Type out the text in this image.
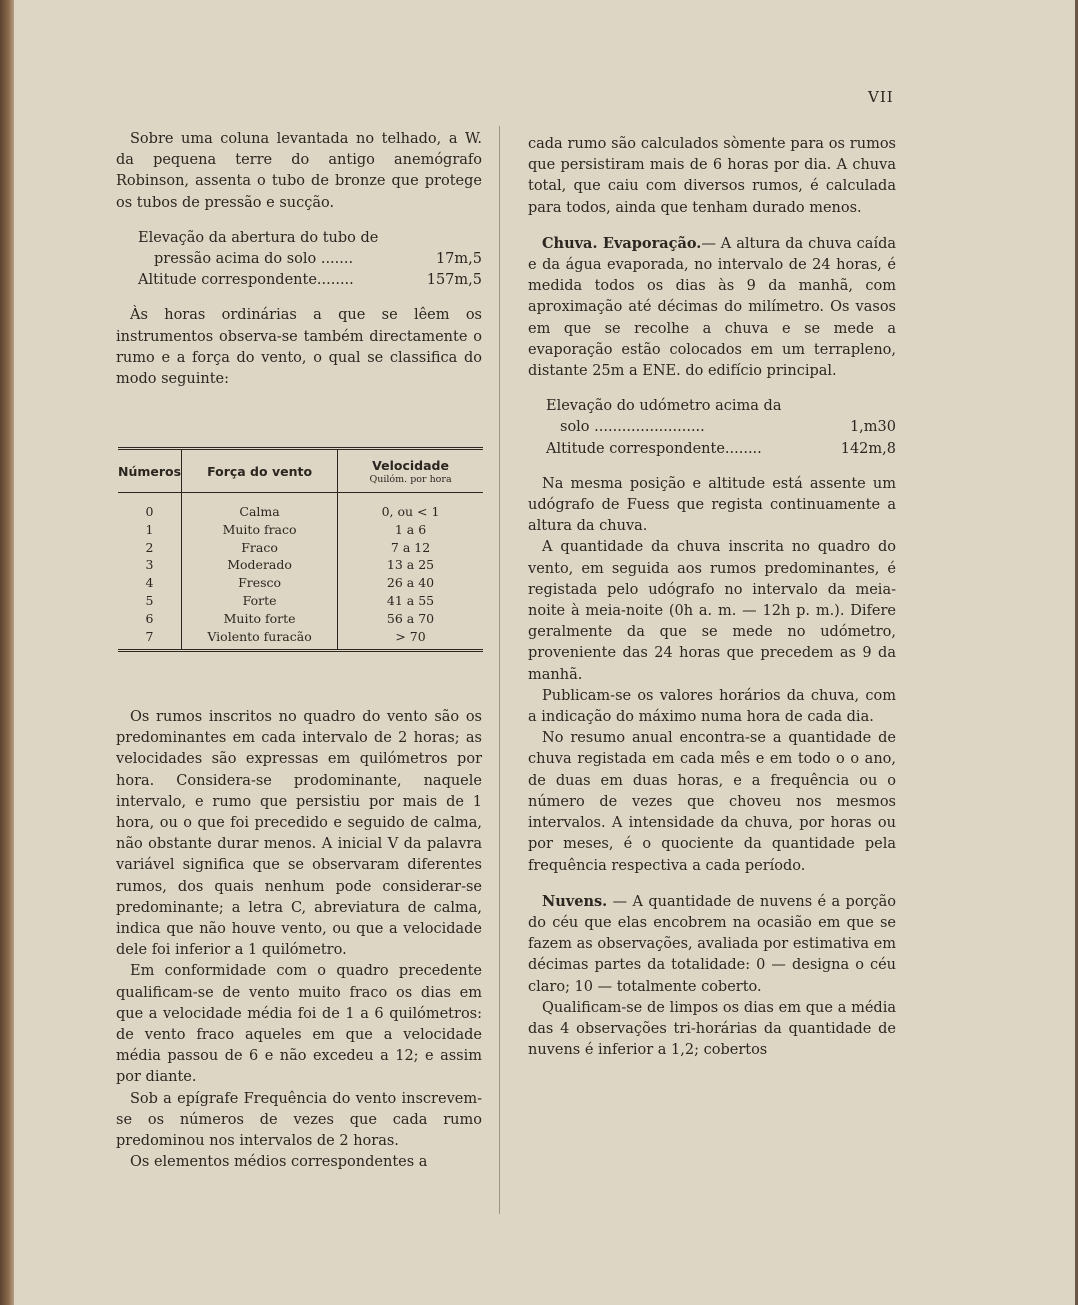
VII

Sobre uma coluna levantada no telhado, a W. da pequena terre do antigo anemógrafo Robinson, assenta o tubo de bronze que protege os tubos de pressão e sucção.

Elevação da abertura do tubo de
pressão acima do solo .......	17m,5
Altitude correspondente........	157m,5

Às horas ordinárias a que se lêem os instrumentos observa-se também directamente o rumo e a força do vento, o qual se classifica do modo seguinte:

Números	Força do vento	Velocidade
Quilóm. por hora

0	Calma	0, ou < 1
1	Muito fraco	1 a 6
2	Fraco	7 a 12
3	Moderado	13 a 25
4	Fresco	26 a 40
5	Forte	41 a 55
6	Muito forte	56 a 70
7	Violento furacão	> 70

Os rumos inscritos no quadro do vento são os predominantes em cada intervalo de 2 horas; as velocidades são expressas em quilómetros por hora. Considera-se prodominante, naquele intervalo, e rumo que persistiu por mais de 1 hora, ou o que foi precedido e seguido de calma, não obstante durar menos. A inicial V da palavra variável significa que se observaram diferentes rumos, dos quais nenhum pode considerar-se predominante; a letra C, abreviatura de calma, indica que não houve vento, ou que a velocidade dele foi inferior a 1 quilómetro.

Em conformidade com o quadro precedente qualificam-se de vento muito fraco os dias em que a velocidade média foi de 1 a 6 quilómetros: de vento fraco aqueles em que a velocidade média passou de 6 e não excedeu a 12; e assim por diante.

Sob a epígrafe Frequência do vento inscrevem-se os números de vezes que cada rumo predominou nos intervalos de 2 horas.

Os elementos médios correspondentes a

cada rumo são calculados sòmente para os rumos que persistiram mais de 6 horas por dia. A chuva total, que caiu com diversos rumos, é calculada para todos, ainda que tenham durado menos.

Chuva. Evaporação.— A altura da chuva caída e da água evaporada, no intervalo de 24 horas, é medida todos os dias às 9 da manhã, com aproximação até décimas do milímetro. Os vasos em que se recolhe a chuva e se mede a evaporação estão colocados em um terrapleno, distante 25m a ENE. do edifício principal.

Elevação do udómetro acima da
solo ........................	1,m30
Altitude correspondente........	142m,8

Na mesma posição e altitude está assente um udógrafo de Fuess que regista continuamente a altura da chuva.

A quantidade da chuva inscrita no quadro do vento, em seguida aos rumos predominantes, é registada pelo udógrafo no intervalo da meia-noite à meia-noite (0h a. m. — 12h p. m.). Difere geralmente da que se mede no udómetro, proveniente das 24 horas que precedem as 9 da manhã.

Publicam-se os valores horários da chuva, com a indicação do máximo numa hora de cada dia.

No resumo anual encontra-se a quantidade de chuva registada em cada mês e em todo o o ano, de duas em duas horas, e a frequência ou o número de vezes que choveu nos mesmos intervalos. A intensidade da chuva, por horas ou por meses, é o quociente da quantidade pela frequência respectiva a cada período.

Nuvens. — A quantidade de nuvens é a porção do céu que elas encobrem na ocasião em que se fazem as observações, avaliada por estimativa em décimas partes da totalidade: 0 — designa o céu claro; 10 — totalmente coberto.

Qualificam-se de limpos os dias em que a média das 4 observações tri-horárias da quantidade de nuvens é inferior a 1,2; cobertos
